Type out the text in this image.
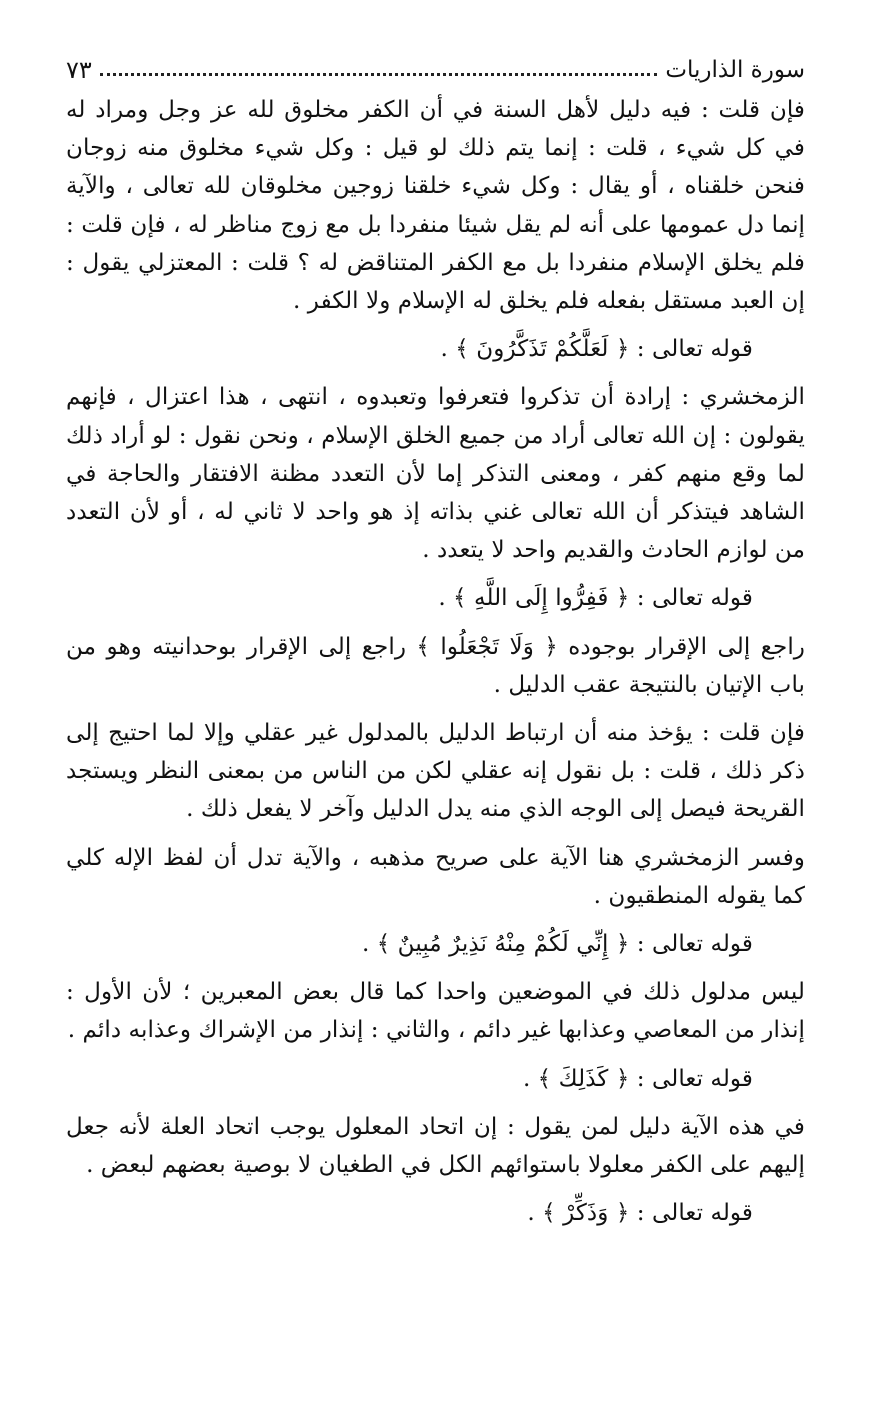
سورة الذاريات
٧٣

فإن قلت : فيه دليل لأهل السنة في أن الكفر مخلوق لله عز وجل ومراد له في كل شيء ، قلت : إنما يتم ذلك لو قيل : وكل شيء مخلوق منه زوجان فنحن خلقناه ، أو يقال : وكل شيء خلقنا زوجين مخلوقان لله تعالى ، والآية إنما دل عمومها على أنه لم يقل شيئا منفردا بل مع زوج مناظر له ، فإن قلت : فلم يخلق الإسلام منفردا بل مع الكفر المتناقض له ؟ قلت : المعتزلي يقول : إن العبد مستقل بفعله فلم يخلق له الإسلام ولا الكفر .

قوله تعالى : ﴿ لَعَلَّكُمْ تَذَكَّرُونَ ﴾ .

الزمخشري : إرادة أن تذكروا فتعرفوا وتعبدوه ، انتهى ، هذا اعتزال ، فإنهم يقولون : إن الله تعالى أراد من جميع الخلق الإسلام ، ونحن نقول : لو أراد ذلك لما وقع منهم كفر ، ومعنى التذكر إما لأن التعدد مظنة الافتقار والحاجة في الشاهد فيتذكر أن الله تعالى غني بذاته إذ هو واحد لا ثاني له ، أو لأن التعدد من لوازم الحادث والقديم واحد لا يتعدد .

قوله تعالى : ﴿ فَفِرُّوا إِلَى اللَّهِ ﴾ .

راجع إلى الإقرار بوجوده ﴿ وَلَا تَجْعَلُوا ﴾ راجع إلى الإقرار بوحدانيته وهو من باب الإتيان بالنتيجة عقب الدليل .

فإن قلت : يؤخذ منه أن ارتباط الدليل بالمدلول غير عقلي وإلا لما احتيج إلى ذكر ذلك ، قلت : بل نقول إنه عقلي لكن من الناس من بمعنى النظر ويستجد القريحة فيصل إلى الوجه الذي منه يدل الدليل وآخر لا يفعل ذلك .

وفسر الزمخشري هنا الآية على صريح مذهبه ، والآية تدل أن لفظ الإله كلي كما يقوله المنطقيون .

قوله تعالى : ﴿ إِنِّي لَكُمْ مِنْهُ نَذِيرٌ مُبِينٌ ﴾ .

ليس مدلول ذلك في الموضعين واحدا كما قال بعض المعبرين ؛ لأن الأول : إنذار من المعاصي وعذابها غير دائم ، والثاني : إنذار من الإشراك وعذابه دائم .

قوله تعالى : ﴿ كَذَلِكَ ﴾ .

في هذه الآية دليل لمن يقول : إن اتحاد المعلول يوجب اتحاد العلة لأنه جعل إليهم على الكفر معلولا باستوائهم الكل في الطغيان لا بوصية بعضهم لبعض .

قوله تعالى : ﴿ وَذَكِّرْ ﴾ .
